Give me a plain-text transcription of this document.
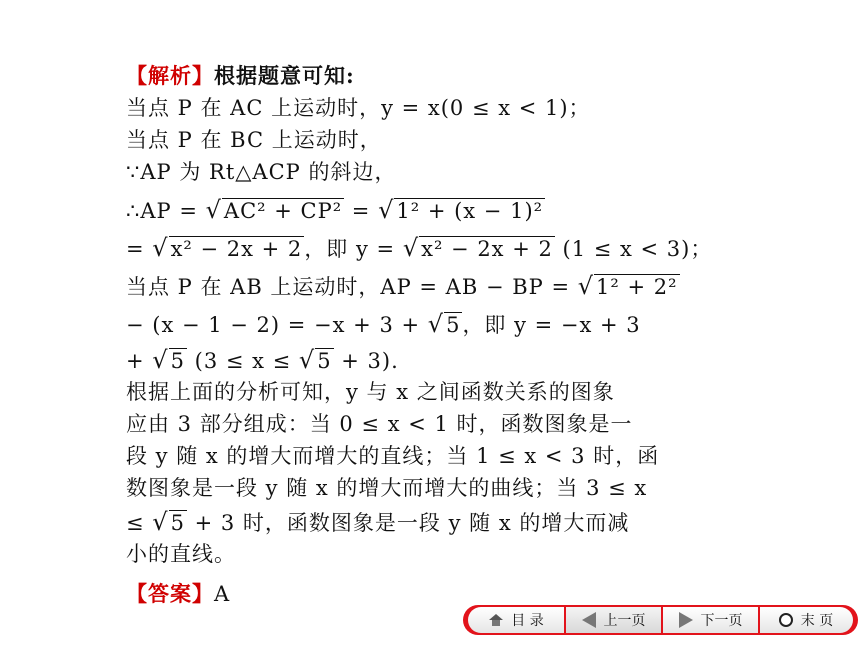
【解析】根据题意可知:
当点 P 在 AC 上运动时，y = x(0 ≤ x < 1)；
当点 P 在 BC 上运动时，
∵AP 为 Rt△ACP 的斜边，
∴AP = √AC² + CP² = √1² + (x − 1)²
= √x² − 2x + 2，即 y = √x² − 2x + 2 (1 ≤ x < 3)；
当点 P 在 AB 上运动时，AP = AB − BP = √1² + 2²
− (x − 1 − 2) = −x + 3 + √5，即 y = −x + 3
+ √5 (3 ≤ x ≤ √5 + 3).
根据上面的分析可知，y 与 x 之间函数关系的图象
应由 3 部分组成：当 0 ≤ x < 1 时，函数图象是一
段 y 随 x 的增大而增大的直线；当 1 ≤ x < 3 时，函
数图象是一段 y 随 x 的增大而增大的曲线；当 3 ≤ x
≤ √5 + 3 时，函数图象是一段 y 随 x 的增大而减
小的直线。
【答案】A
目 录	上一页	下一页	末 页
